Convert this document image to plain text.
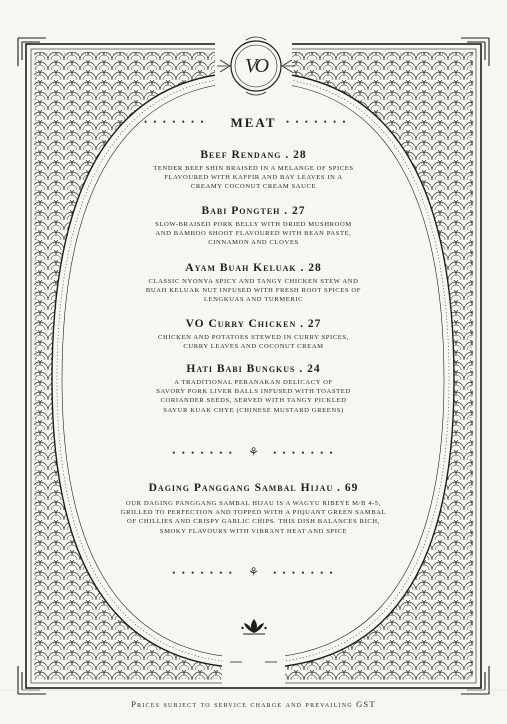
VO
• • • • • • •	MEAT	• • • • • • •
Beef Rendang . 28
TENDER BEEF SHIN BRAISED IN A MELANGE OF SPICES
FLAVOURED WITH KAFFIR AND BAY LEAVES IN A
CREAMY COCONUT CREAM SAUCE
Babi Pongteh . 27
SLOW-BRAISED PORK BELLY WITH DRIED MUSHROOM
AND BAMBOO SHOOT FLAVOURED WITH BEAN PASTE,
CINNAMON AND CLOVES
Ayam Buah Keluak . 28
CLASSIC NYONYA SPICY AND TANGY CHICKEN STEW AND
BUAH KELUAK NUT INFUSED WITH FRESH ROOT SPICES OF
LENGKUAS AND TURMERIC
VO Curry Chicken . 27
CHICKEN AND POTATOES STEWED IN CURRY SPICES,
CURRY LEAVES AND COCONUT CREAM
Hati Babi Bungkus . 24
A TRADITIONAL PERANAKAN DELICACY OF
SAVORY PORK LIVER BALLS INFUSED WITH TOASTED
CORIANDER SEEDS, SERVED WITH TANGY PICKLED
SAYUR KUAK CHYE (CHINESE MUSTARD GREENS)
• • • • • • • ⚘ • • • • • • •
Daging Panggang Sambal Hijau . 69
OUR DAGING PANGGANG SAMBAL HIJAU IS A WAGYU RIBEYE M/B 4-5,
GRILLED TO PERFECTION AND TOPPED WITH A PIQUANT GREEN SAMBAL
OF CHILLIES AND CRISPY GARLIC CHIPS. THIS DISH BALANCES RICH,
SMOKY FLAVOURS WITH VIBRANT HEAT AND SPICE
• • • • • • • ⚘ • • • • • • •
Prices subject to service charge and prevailing GST
